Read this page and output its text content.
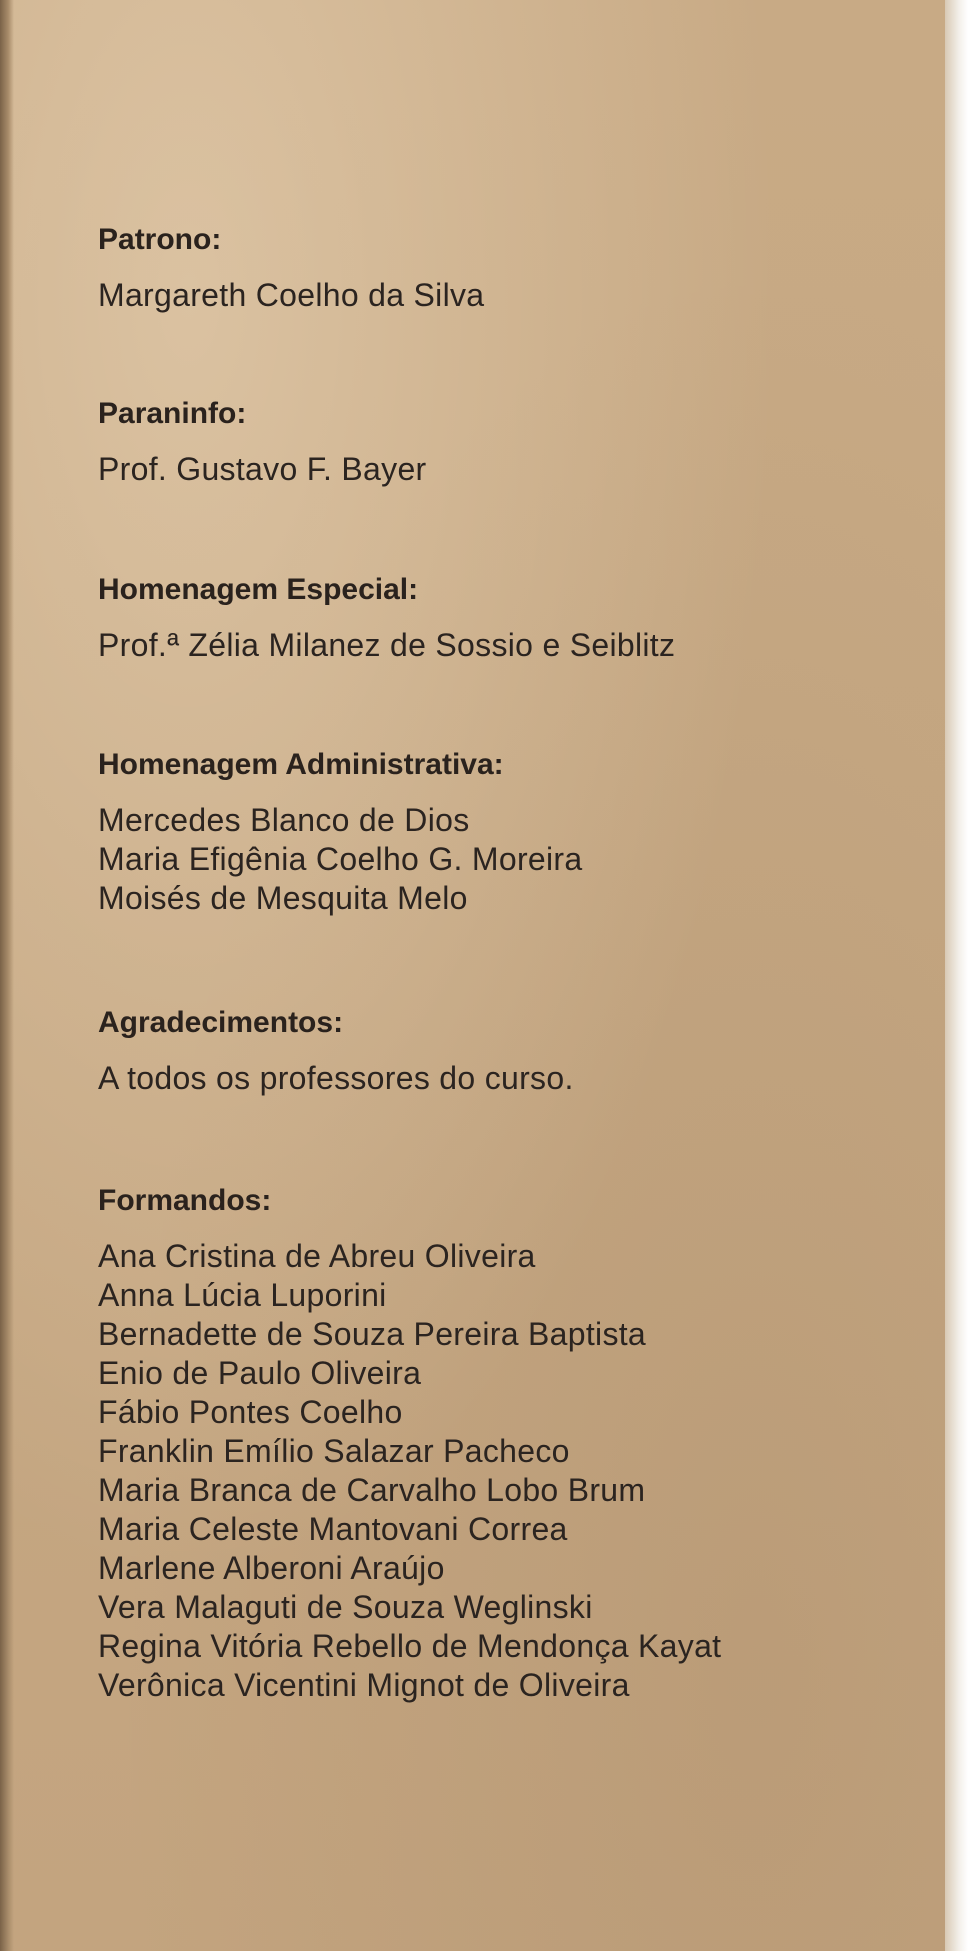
Patrono:

Margareth Coelho da Silva

Paraninfo:

Prof. Gustavo F. Bayer

Homenagem Especial:

Prof.ª Zélia Milanez de Sossio e Seiblitz

Homenagem Administrativa:

Mercedes Blanco de Dios

Maria Efigênia Coelho G. Moreira

Moisés de Mesquita Melo

Agradecimentos:

A todos os professores do curso.

Formandos:

Ana Cristina de Abreu Oliveira

Anna Lúcia Luporini

Bernadette de Souza Pereira Baptista

Enio de Paulo Oliveira

Fábio Pontes Coelho

Franklin Emílio Salazar Pacheco

Maria Branca de Carvalho Lobo Brum

Maria Celeste Mantovani Correa

Marlene Alberoni Araújo

Vera Malaguti de Souza Weglinski

Regina Vitória Rebello de Mendonça Kayat

Verônica Vicentini Mignot de Oliveira
